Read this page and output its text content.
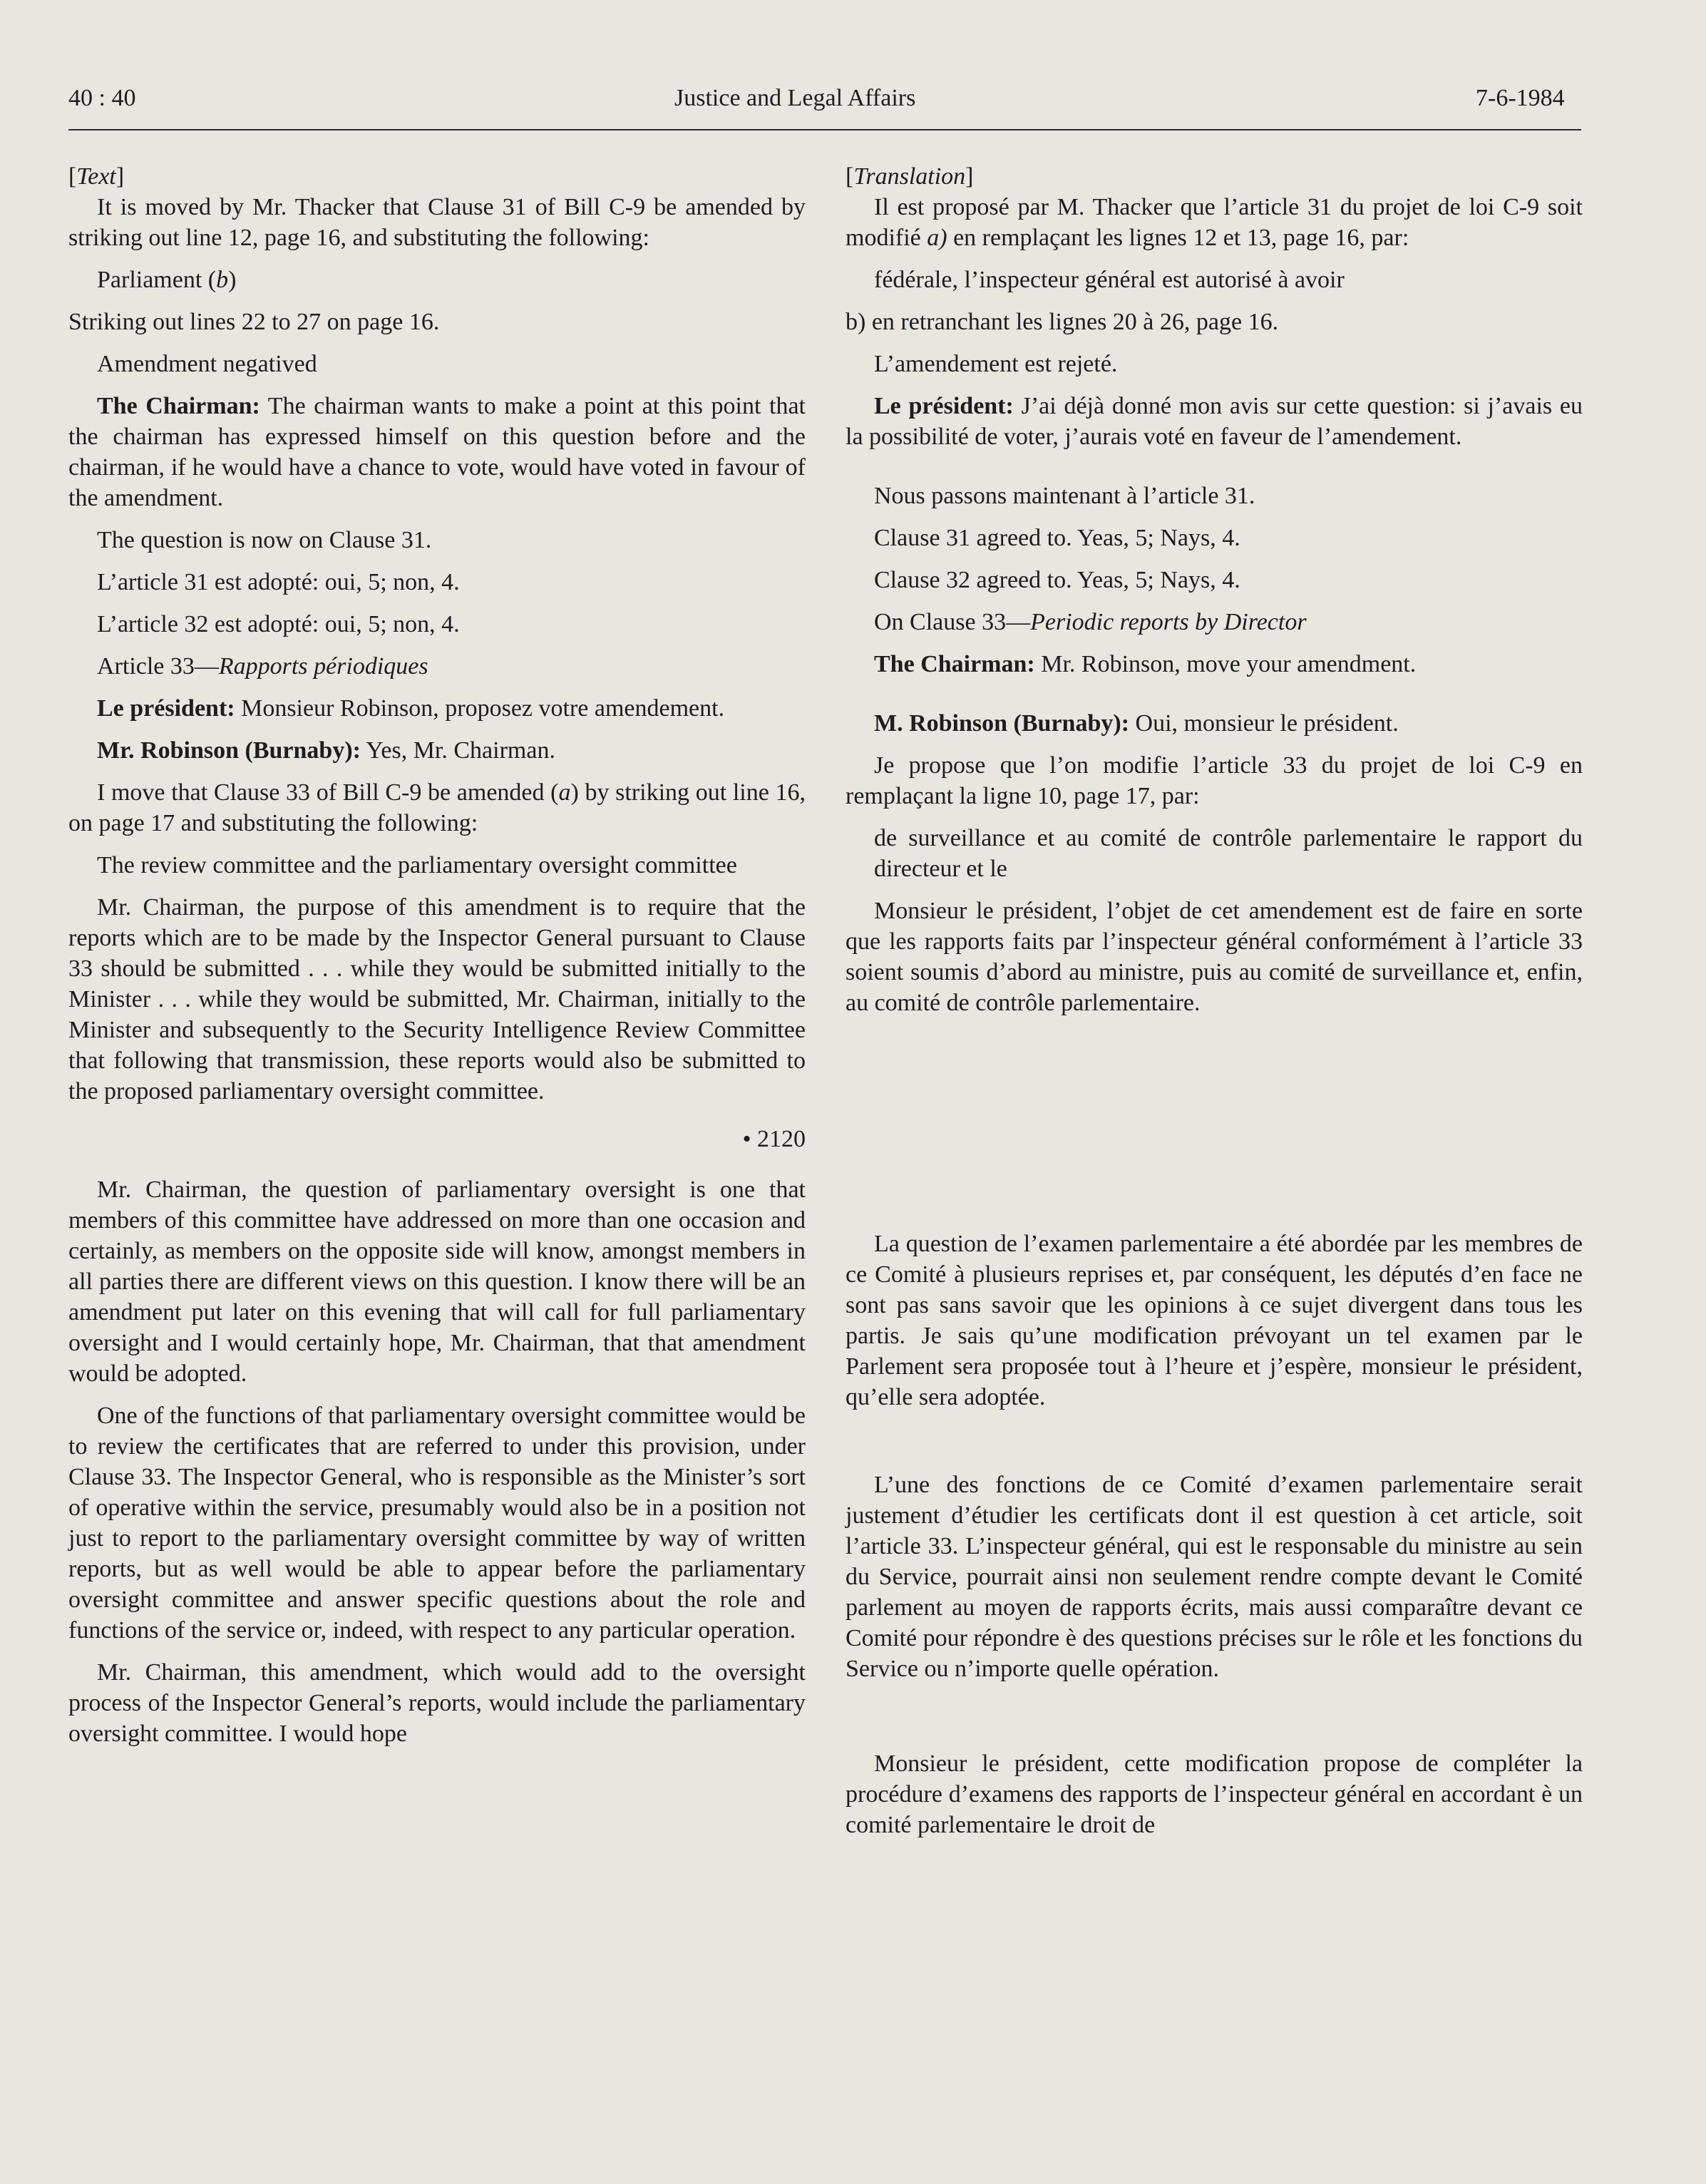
40 : 40	Justice and Legal Affairs	7-6-1984

[Text]

It is moved by Mr. Thacker that Clause 31 of Bill C-9 be amended by striking out line 12, page 16, and substituting the following:

Parliament (b)

Striking out lines 22 to 27 on page 16.

Amendment negatived

The Chairman: The chairman wants to make a point at this point that the chairman has expressed himself on this question before and the chairman, if he would have a chance to vote, would have voted in favour of the amendment.

The question is now on Clause 31.

L’article 31 est adopté: oui, 5; non, 4.

L’article 32 est adopté: oui, 5; non, 4.

Article 33—Rapports périodiques

Le président: Monsieur Robinson, proposez votre amendement.

Mr. Robinson (Burnaby): Yes, Mr. Chairman.

I move that Clause 33 of Bill C-9 be amended (a) by striking out line 16, on page 17 and substituting the following:

The review committee and the parliamentary oversight committee

Mr. Chairman, the purpose of this amendment is to require that the reports which are to be made by the Inspector General pursuant to Clause 33 should be submitted . . . while they would be submitted initially to the Minister . . . while they would be submitted, Mr. Chairman, initially to the Minister and subsequently to the Security Intelligence Review Committee that following that transmission, these reports would also be submitted to the proposed parliamentary oversight committee.

• 2120

Mr. Chairman, the question of parliamentary oversight is one that members of this committee have addressed on more than one occasion and certainly, as members on the opposite side will know, amongst members in all parties there are different views on this question. I know there will be an amendment put later on this evening that will call for full parliamentary oversight and I would certainly hope, Mr. Chairman, that that amendment would be adopted.

One of the functions of that parliamentary oversight committee would be to review the certificates that are referred to under this provision, under Clause 33. The Inspector General, who is responsible as the Minister’s sort of operative within the service, presumably would also be in a position not just to report to the parliamentary oversight committee by way of written reports, but as well would be able to appear before the parliamentary oversight committee and answer specific questions about the role and functions of the service or, indeed, with respect to any particular operation.

Mr. Chairman, this amendment, which would add to the oversight process of the Inspector General’s reports, would include the parliamentary oversight committee. I would hope

[Translation]

Il est proposé par M. Thacker que l’article 31 du projet de loi C-9 soit modifié a) en remplaçant les lignes 12 et 13, page 16, par:

fédérale, l’inspecteur général est autorisé à avoir

b) en retranchant les lignes 20 à 26, page 16.

L’amendement est rejeté.

Le président: J’ai déjà donné mon avis sur cette question: si j’avais eu la possibilité de voter, j’aurais voté en faveur de l’amendement.

Nous passons maintenant à l’article 31.

Clause 31 agreed to. Yeas, 5; Nays, 4.

Clause 32 agreed to. Yeas, 5; Nays, 4.

On Clause 33—Periodic reports by Director

The Chairman: Mr. Robinson, move your amendment.

M. Robinson (Burnaby): Oui, monsieur le président.

Je propose que l’on modifie l’article 33 du projet de loi C-9 en remplaçant la ligne 10, page 17, par:

de surveillance et au comité de contrôle parlementaire le rapport du directeur et le

Monsieur le président, l’objet de cet amendement est de faire en sorte que les rapports faits par l’inspecteur général conformément à l’article 33 soient soumis d’abord au ministre, puis au comité de surveillance et, enfin, au comité de contrôle parlementaire.

La question de l’examen parlementaire a été abordée par les membres de ce Comité à plusieurs reprises et, par conséquent, les députés d’en face ne sont pas sans savoir que les opinions à ce sujet divergent dans tous les partis. Je sais qu’une modification prévoyant un tel examen par le Parlement sera proposée tout à l’heure et j’espère, monsieur le président, qu’elle sera adoptée.

L’une des fonctions de ce Comité d’examen parlementaire serait justement d’étudier les certificats dont il est question à cet article, soit l’article 33. L’inspecteur général, qui est le responsable du ministre au sein du Service, pourrait ainsi non seulement rendre compte devant le Comité parlement au moyen de rapports écrits, mais aussi comparaître devant ce Comité pour répondre è des questions précises sur le rôle et les fonctions du Service ou n’importe quelle opération.

Monsieur le président, cette modification propose de compléter la procédure d’examens des rapports de l’inspecteur général en accordant è un comité parlementaire le droit de
